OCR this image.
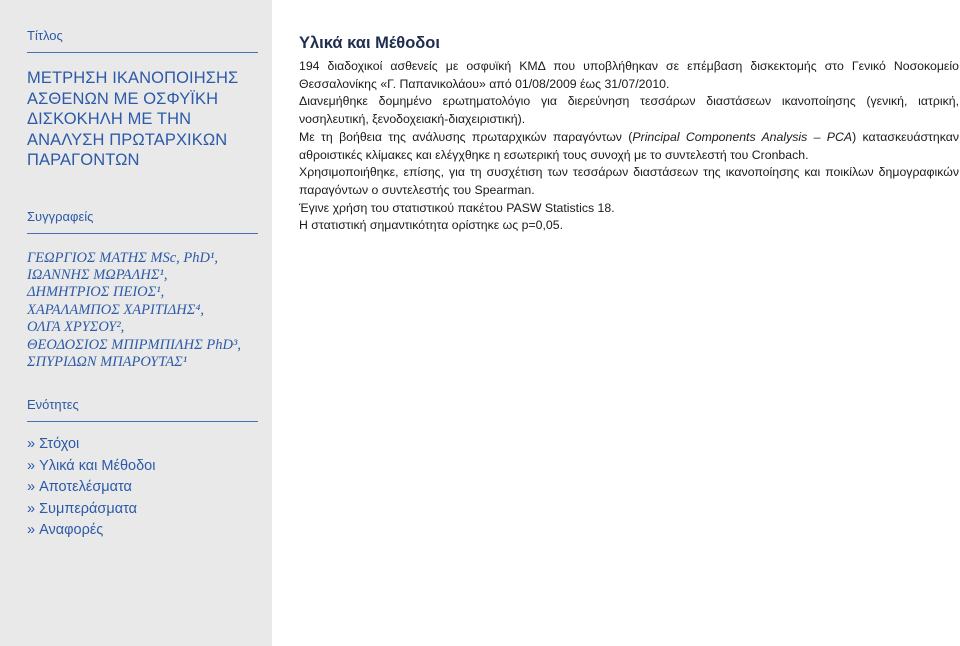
Τίτλος
ΜΕΤΡΗΣΗ ΙΚΑΝΟΠΟΙΗΣΗΣ
ΑΣΘΕΝΩΝ ΜΕ ΟΣΦΥΪΚΗ
ΔΙΣΚΟΚΗΛΗ ΜΕ ΤΗΝ
ΑΝΑΛΥΣΗ ΠΡΩΤΑΡΧΙΚΩΝ
ΠΑΡΑΓΟΝΤΩΝ
Συγγραφείς
ΓΕΩΡΓΙΟΣ ΜΑΤΗΣ MSc, PhD¹,
ΙΩΑΝΝΗΣ ΜΩΡΑΛΗΣ¹,
ΔΗΜΗΤΡΙΟΣ ΠΕΙΟΣ¹,
ΧΑΡΑΛΑΜΠΟΣ ΧΑΡΙΤΙΔΗΣ⁴,
ΟΛΓΑ ΧΡΥΣΟΥ²,
ΘΕΟΔΟΣΙΟΣ ΜΠΙΡΜΠΙΛΗΣ PhD³,
ΣΠΥΡΙΔΩΝ ΜΠΑΡΟΥΤΑΣ¹
Ενότητες
» Στόχοι
» Υλικά και Μέθοδοι
» Αποτελέσματα
» Συμπεράσματα
» Αναφορές
Υλικά και Μέθοδοι

194 διαδοχικοί ασθενείς με οσφυϊκή ΚΜΔ που υποβλήθηκαν σε επέμβαση δισκεκτομής στο Γενικό Νοσοκομείο Θεσσαλονίκης «Γ. Παπανικολάου» από 01/08/2009 έως 31/07/2010.

Διανεμήθηκε δομημένο ερωτηματολόγιο για διερεύνηση τεσσάρων διαστάσεων ικανοποίησης (γενική, ιατρική, νοσηλευτική, ξενοδοχειακή-διαχειριστική).

Με τη βοήθεια της ανάλυσης πρωταρχικών παραγόντων (Principal Components Analysis – PCA) κατασκευάστηκαν αθροιστικές κλίμακες και ελέγχθηκε η εσωτερική τους συνοχή με το συντελεστή του Cronbach.

Χρησιμοποιήθηκε, επίσης, για τη συσχέτιση των τεσσάρων διαστάσεων της ικανοποίησης και ποικίλων δημογραφικών παραγόντων ο συντελεστής του Spearman.

Έγινε χρήση του στατιστικού πακέτου PASW Statistics 18.

Η στατιστική σημαντικότητα ορίστηκε ως p=0,05.
